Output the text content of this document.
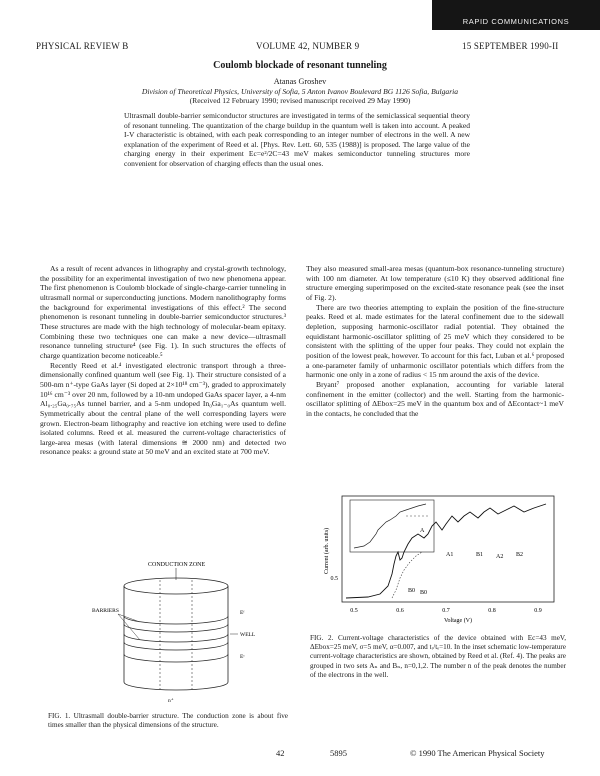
RAPID COMMUNICATIONS
PHYSICAL REVIEW B	VOLUME 42, NUMBER 9	15 SEPTEMBER 1990-II
Coulomb blockade of resonant tunneling
Atanas Groshev
Division of Theoretical Physics, University of Sofia, 5 Anton Ivanov Boulevard BG 1126 Sofia, Bulgaria
(Received 12 February 1990; revised manuscript received 29 May 1990)
Ultrasmall double-barrier semiconductor structures are investigated in terms of the semiclassical sequential theory of resonant tunneling. The quantization of the charge buildup in the quantum well is taken into account. A peaked I-V characteristic is obtained, with each peak corresponding to an integer number of electrons in the well. A new explanation of the experiment of Reed et al. [Phys. Rev. Lett. 60, 535 (1988)] is proposed. The large value of the charging energy in their experiment Ec=e²/2C=43 meV makes semiconductor tunneling structures more convenient for observation of charging effects than the usual ones.

As a result of recent advances in lithography and crystal-growth technology, the possibility for an experimental investigation of two new phenomena appear. The first phenomenon is Coulomb blockade of single-charge-carrier tunneling in ultrasmall normal or superconducting junctions. Modern nanolithography forms the background for experimental investigations of this effect.² The second phenomenon is resonant tunneling in double-barrier semiconductor structures.³ These structures are made with the high technology of molecular-beam epitaxy. Combining these two techniques one can make a new device—ultrasmall resonance tunneling structure⁴ (see Fig. 1). In such structures the effects of charge quantization become noticeable.⁵

Recently Reed et al.⁴ investigated electronic transport through a three-dimensionally confined quantum well (see Fig. 1). Their structure consisted of a 500-nm n⁺-type GaAs layer (Si doped at 2×10¹⁸ cm⁻³), graded to approximately 10¹⁶ cm⁻³ over 20 nm, followed by a 10-nm undoped GaAs spacer layer, a 4-nm Al₀.₂₅Ga₀.₇₅As tunnel barrier, and a 5-nm undoped In₀Ga₁₋₀As quantum well. Symmetrically about the central plane of the well corresponding layers were grown. Electron-beam lithography and reactive ion etching were used to define isolated columns. Reed et al. measured the current-voltage characteristics of large-area mesas (with lateral dimensions ≅ 2000 nm) and detected two resonance peaks: a ground state at 50 meV and an excited state at 700 meV.

They also measured small-area mesas (quantum-box resonance-tunneling structure) with 100 nm diameter. At low temperature (≤10 K) they observed additional fine structure emerging superimposed on the excited-state resonance peak (see the inset of Fig. 2).

There are two theories attempting to explain the position of the fine-structure peaks. Reed et al. made estimates for the lateral confinement due to the sidewall depletion, supposing harmonic-oscillator radial potential. They obtained the equidistant harmonic-oscillator splitting of 25 meV which they considered to be consistent with the splitting of the upper four peaks. They could not explain the position of the lowest peak, however. To account for this fact, Luban et al.⁶ proposed a one-parameter family of unharmonic oscillator potentials which differs from the harmonic one only in a zone of radius < 15 nm around the axis of the device.

Bryant⁷ proposed another explanation, accounting for variable lateral confinement in the emitter (collector) and the well. Starting from the harmonic-oscillator splitting of ΔEbox=25 meV in the quantum box and of ΔEcontact~1 meV in the contacts, he concluded that the

CONDUCTION ZONE
BARRIERS
WELL
Eᶠ
Eᶜ
n⁺
FIG. 1. Ultrasmall double-barrier structure. The conduction zone is about five times smaller than the physical dimensions of the structure.
Current (arb. units)
0.5
A
A1	B1 A2 B2
B0 B0
0.5	0.6	0.7	0.8	0.9
Voltage (V)
FIG. 2. Current-voltage characteristics of the device obtained with Ec=43 meV, ΔEbox=25 meV, σ=5 meV, α=0.007, and tᵣ/tₑ=10. In the inset schematic low-temperature current-voltage characteristics are shown, obtained by Reed et al. (Ref. 4). The peaks are grouped in two sets Aₙ and Bₙ, n=0,1,2. The number n of the peak denotes the number of the electrons in the well.
42	5895	© 1990 The American Physical Society
